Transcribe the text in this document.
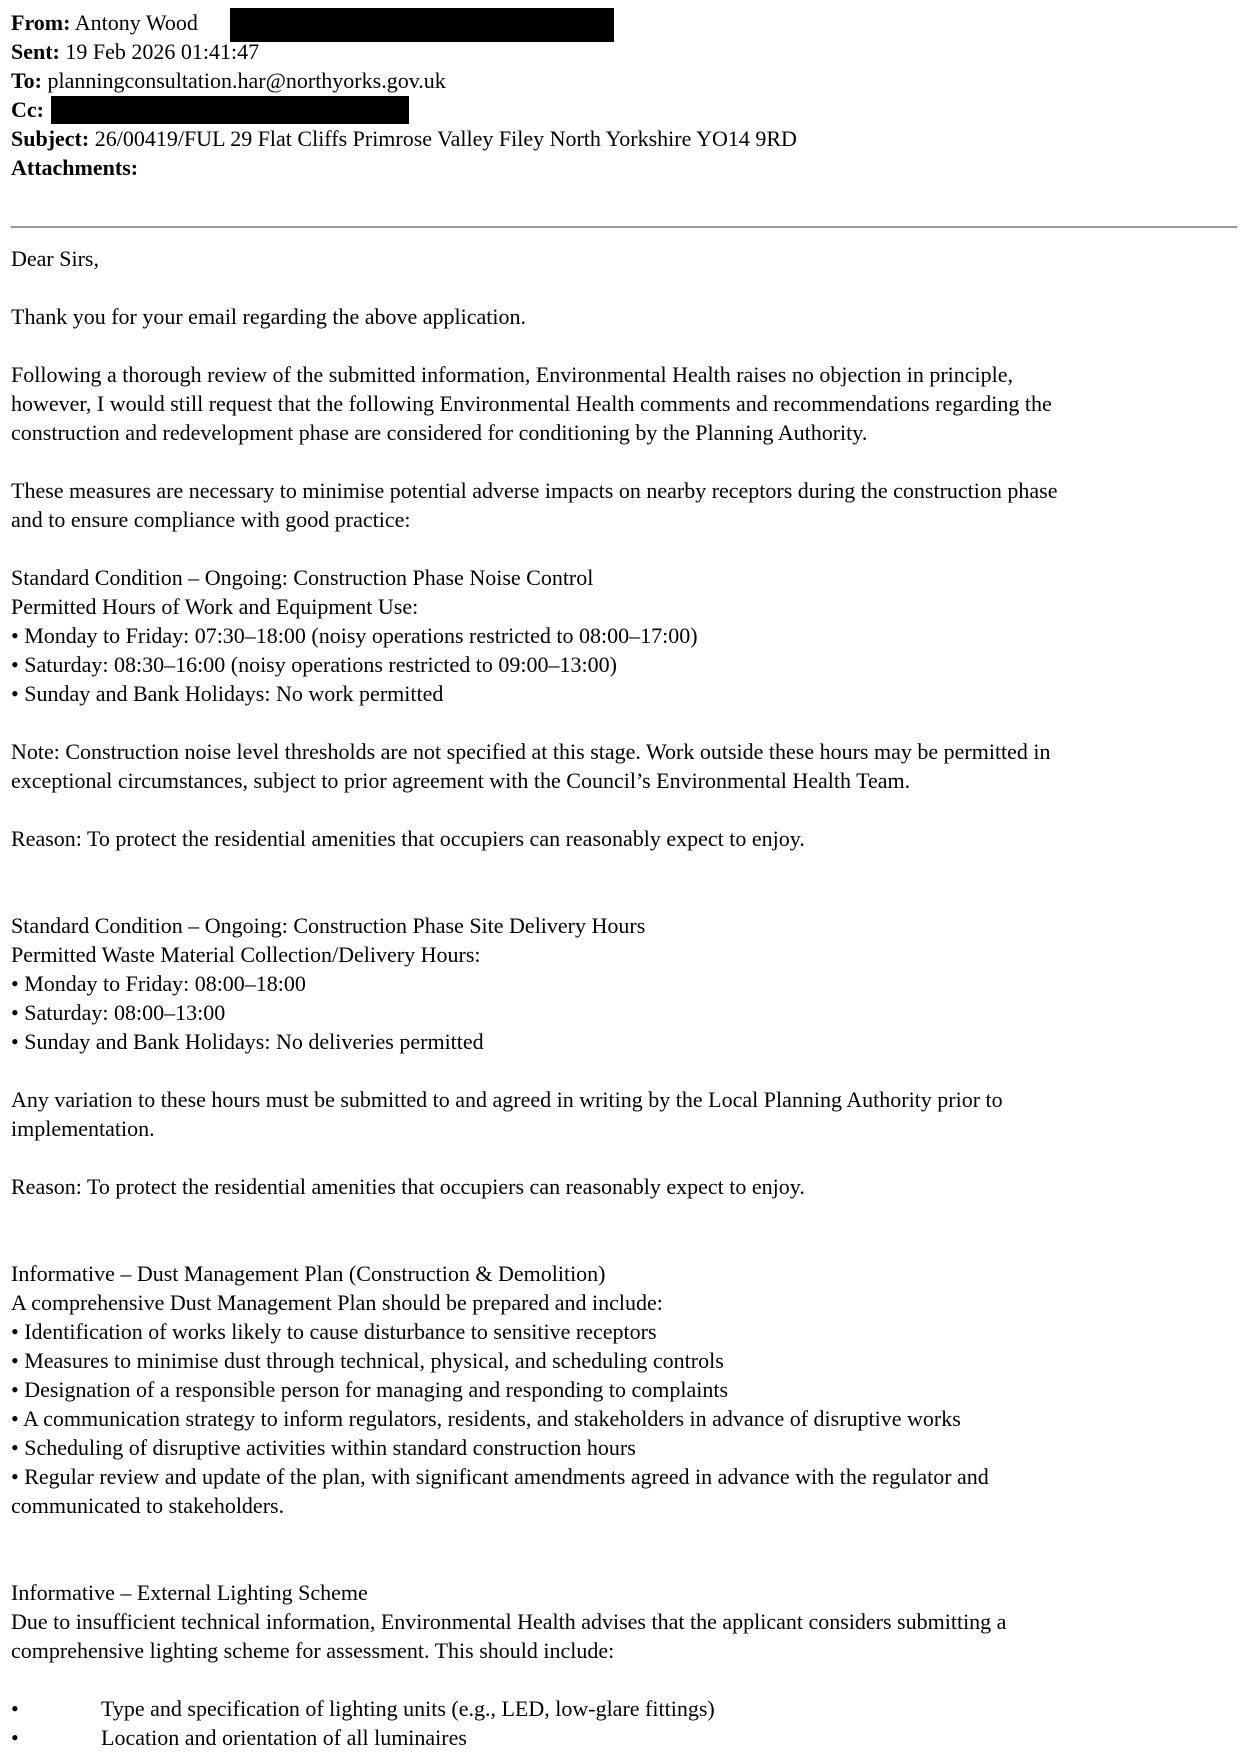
From: Antony Wood
Sent: 19 Feb 2026 01:41:47
To: planningconsultation.har@northyorks.gov.uk
Cc:
Subject: 26/00419/FUL 29 Flat Cliffs Primrose Valley Filey North Yorkshire YO14 9RD
Attachments:

Dear Sirs,

Thank you for your email regarding the above application.

Following a thorough review of the submitted information, Environmental Health raises no objection in principle,

however, I would still request that the following Environmental Health comments and recommendations regarding the

construction and redevelopment phase are considered for conditioning by the Planning Authority.

These measures are necessary to minimise potential adverse impacts on nearby receptors during the construction phase

and to ensure compliance with good practice:

Standard Condition – Ongoing: Construction Phase Noise Control

Permitted Hours of Work and Equipment Use:

• Monday to Friday: 07:30–18:00 (noisy operations restricted to 08:00–17:00)

• Saturday: 08:30–16:00 (noisy operations restricted to 09:00–13:00)

• Sunday and Bank Holidays: No work permitted

Note: Construction noise level thresholds are not specified at this stage. Work outside these hours may be permitted in

exceptional circumstances, subject to prior agreement with the Council’s Environmental Health Team.

Reason: To protect the residential amenities that occupiers can reasonably expect to enjoy.

Standard Condition – Ongoing: Construction Phase Site Delivery Hours

Permitted Waste Material Collection/Delivery Hours:

• Monday to Friday: 08:00–18:00

• Saturday: 08:00–13:00

• Sunday and Bank Holidays: No deliveries permitted

Any variation to these hours must be submitted to and agreed in writing by the Local Planning Authority prior to

implementation.

Reason: To protect the residential amenities that occupiers can reasonably expect to enjoy.

Informative – Dust Management Plan (Construction & Demolition)

A comprehensive Dust Management Plan should be prepared and include:

• Identification of works likely to cause disturbance to sensitive receptors

• Measures to minimise dust through technical, physical, and scheduling controls

• Designation of a responsible person for managing and responding to complaints

• A communication strategy to inform regulators, residents, and stakeholders in advance of disruptive works

• Scheduling of disruptive activities within standard construction hours

• Regular review and update of the plan, with significant amendments agreed in advance with the regulator and

communicated to stakeholders.

Informative – External Lighting Scheme

Due to insufficient technical information, Environmental Health advises that the applicant considers submitting a

comprehensive lighting scheme for assessment. This should include:

•	Type and specification of lighting units (e.g., LED, low-glare fittings)
•	Location and orientation of all luminaires
